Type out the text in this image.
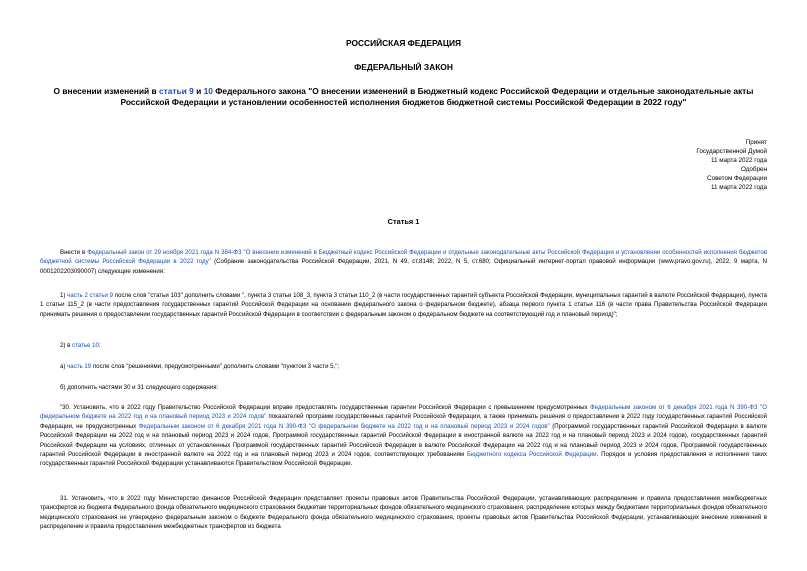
РОССИЙСКАЯ ФЕДЕРАЦИЯ
ФЕДЕРАЛЬНЫЙ ЗАКОН
О внесении изменений в статьи 9 и 10 Федерального закона "О внесении изменений в Бюджетный кодекс Российской Федерации и отдельные законодательные акты Российской Федерации и установлении особенностей исполнения бюджетов бюджетной системы Российской Федерации в 2022 году"
Принят
Государственной Думой
11 марта 2022 года
Одобрен
Советом Федерации
11 марта 2022 года
Статья 1
Внести в Федеральный закон от 29 ноября 2021 года N 384-ФЗ "О внесении изменений в Бюджетный кодекс Российской Федерации и отдельные законодательные акты Российской Федерации и установлении особенностей исполнения бюджетов бюджетной системы Российской Федерации в 2022 году" (Собрание законодательства Российской Федерации, 2021, N 49, ст.8148; 2022, N 5, ст.680; Официальный интернет-портал правовой информации (www.pravo.gov.ru), 2022, 9 марта, N 0001202203090007) следующие изменения:
1) часть 2 статьи 9 после слов "статьи 103" дополнить словами ", пункта 3 статьи 108_3, пункта 3 статьи 110_2 (в части государственных гарантий субъекта Российской Федерации, муниципальных гарантий в валюте Российской Федерации), пункта 1 статьи 115_2 (в части предоставления государственных гарантий Российской Федерации на основании федерального закона о федеральном бюджете), абзаца первого пункта 1 статьи 116 (в части права Правительства Российской Федерации принимать решения о предоставлении государственных гарантий Российской Федерации в соответствии с федеральным законом о федеральном бюджете на соответствующий год и плановый период)";
2) в статье 10:
а) часть 19 после слов "решениями, предусмотренными" дополнить словами "пунктом 3 части 5,";
б) дополнить частями 30 и 31 следующего содержания:
"30. Установить, что в 2022 году Правительство Российской Федерации вправе предоставлять государственные гарантии Российской Федерации с превышением предусмотренных Федеральным законом от 6 декабря 2021 года N 390-ФЗ "О федеральном бюджете на 2022 год и на плановый период 2023 и 2024 годов" показателей программ государственных гарантий Российской Федерации, а также принимать решения о предоставлении в 2022 году государственных гарантий Российской Федерации, не предусмотренных Федеральным законом от 6 декабря 2021 года N 390-ФЗ "О федеральном бюджете на 2022 год и на плановый период 2023 и 2024 годов" (Программой государственных гарантий Российской Федерации в валюте Российской Федерации на 2022 год и на плановый период 2023 и 2024 годов, Программой государственных гарантий Российской Федерации в иностранной валюте на 2022 год и на плановый период 2023 и 2024 годов), государственных гарантий Российской Федерации на условиях, отличных от установленных Программой государственных гарантий Российской Федерации в валюте Российской Федерации на 2022 год и на плановый период 2023 и 2024 годов, Программой государственных гарантий Российской Федерации в иностранной валюте на 2022 год и на плановый период 2023 и 2024 годов, соответствующих требованиям Бюджетного кодекса Российской Федерации. Порядок и условия предоставления и исполнения таких государственных гарантий Российской Федерации устанавливаются Правительством Российской Федерации.
31. Установить, что в 2022 году Министерство финансов Российской Федерации представляет проекты правовых актов Правительства Российской Федерации, устанавливающих распределение и правила предоставления межбюджетных трансфертов из бюджета Федерального фонда обязательного медицинского страхования бюджетам территориальных фондов обязательного медицинского страхования, распределение которых между бюджетами территориальных фондов обязательного медицинского страхования не утверждено федеральным законом о бюджете Федерального фонда обязательного медицинского страхования, проекты правовых актов Правительства Российской Федерации, устанавливающих внесение изменений в распределение и правила предоставления межбюджетных трансфертов из бюджета
